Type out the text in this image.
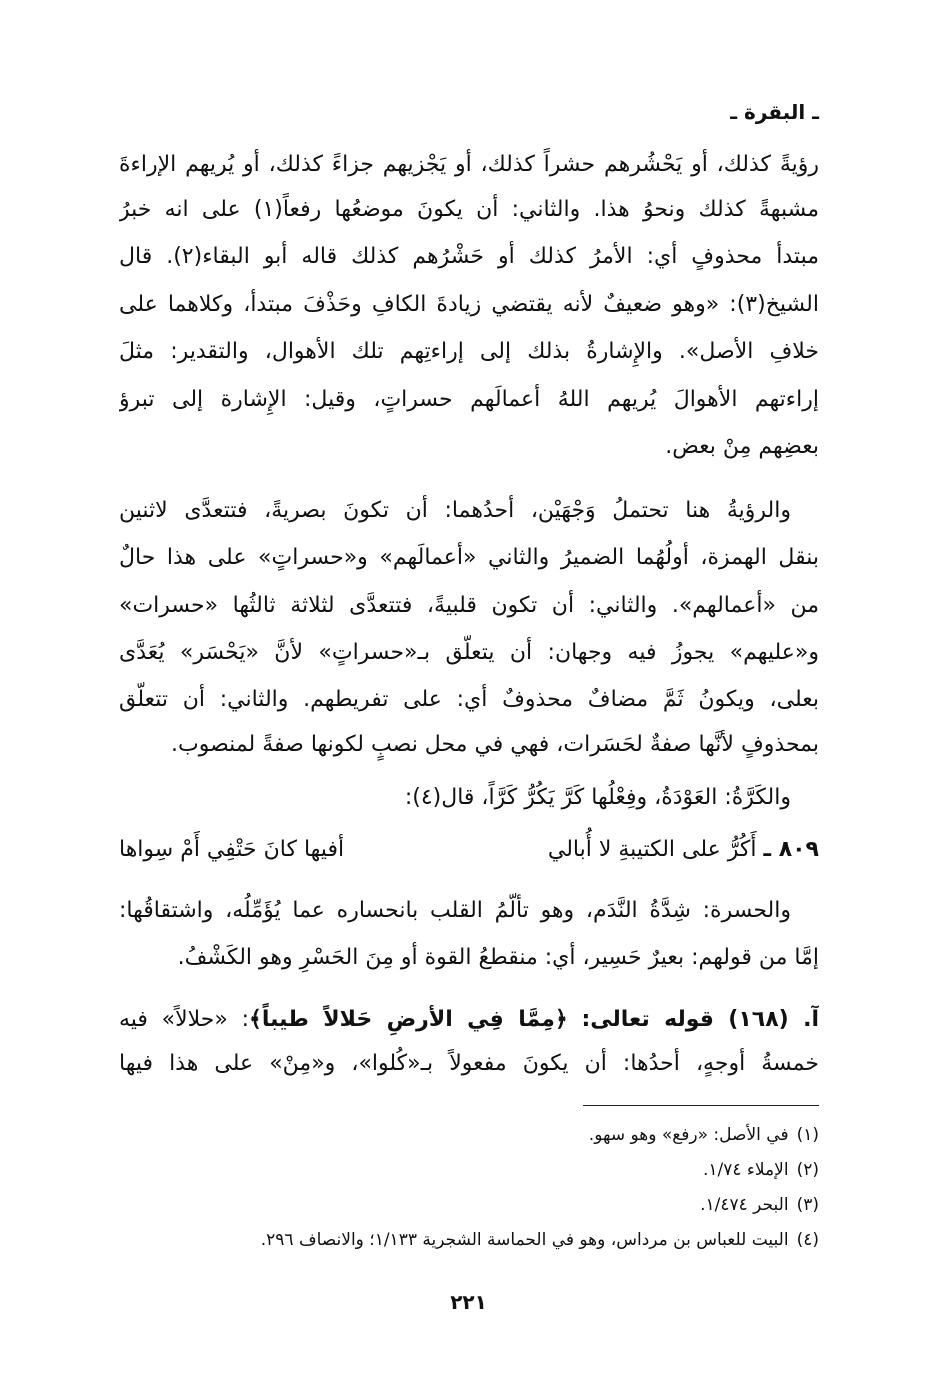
ـ البقرة ـ
رؤيةً كذلك، أو يَحْشُرهم حشراً كذلك، أو يَجْزيهم جزاءً كذلك، أو يُريهم الإراءةَ
مشبهةً كذلك ونحوُ هذا. والثاني: أن يكونَ موضعُها رفعاً(١) على انه خبرُ
مبتدأ محذوفٍ أي: الأمرُ كذلك أو حَشْرُهم كذلك قاله أبو البقاء(٢). قال
الشيخ(٣): «وهو ضعيفٌ لأنه يقتضي زيادةَ الكافِ وحَذْفَ مبتدأ، وكلاهما على
خلافِ الأصل». والإِشارةُ بذلك إلى إراءتِهم تلك الأهوال، والتقدير: مثلَ
إراءتهم الأهوالَ يُريهم اللهُ أعمالَهم حسراتٍ، وقيل: الإِشارة إلى تبرؤ
بعضِهم مِنْ بعض.
والرؤيةُ هنا تحتملُ وَجْهَيْن، أحدُهما: أن تكونَ بصريةً، فتتعدَّى لاثنين
بنقل الهمزة، أولُهُما الضميرُ والثاني «أعمالَهم» و«حسراتٍ» على هذا حالٌ
من «أعمالهم». والثاني: أن تكون قلبيةً، فتتعدَّى لثلاثة ثالثُها «حسرات»
و«عليهم» يجوزُ فيه وجهان: أن يتعلَّق بـ«حسراتٍ» لأنَّ «يَحْسَر» يُعَدَّى
بعلى، ويكونُ ثَمَّ مضافٌ محذوفٌ أي: على تفريطهم. والثاني: أن تتعلَّق
بمحذوفٍ لأنَّها صفةٌ لحَسَرات، فهي في محل نصبٍ لكونها صفةً لمنصوب.
والكَرَّةُ: العَوْدَةُ، وفِعْلُها كَرَّ يَكُرُّ كَرَّاً، قال(٤):
٨٠٩ ـ أَكُرُّ على الكتيبةِ لا أُبالي
أفيها كانَ حَتْفِي أَمْ سِواها
والحسرة: شِدَّةُ النَّدَم، وهو تألُّمُ القلب بانحساره عما يُؤَمِّلُه، واشتقاقُها:
إمَّا من قولهم: بعيرٌ حَسِير، أي: منقطعُ القوة أو مِنَ الحَسْرِ وهو الكَشْفُ.
آ. (١٦٨) قوله تعالى: ﴿مِمَّا فِي الأرضِ حَلالاً طيباً﴾: «حلالاً» فيه
خمسةُ أوجهٍ، أحدُها: أن يكونَ مفعولاً بـ«كُلوا»، و«مِنْ» على هذا فيها
(١)في الأصل: «رفع» وهو سهو.
(٢)الإملاء ١/٧٤.
(٣)البحر ١/٤٧٤.
(٤)البيت للعباس بن مرداس، وهو في الحماسة الشجرية ١/١٣٣؛ والانصاف ٢٩٦.
٢٢١
